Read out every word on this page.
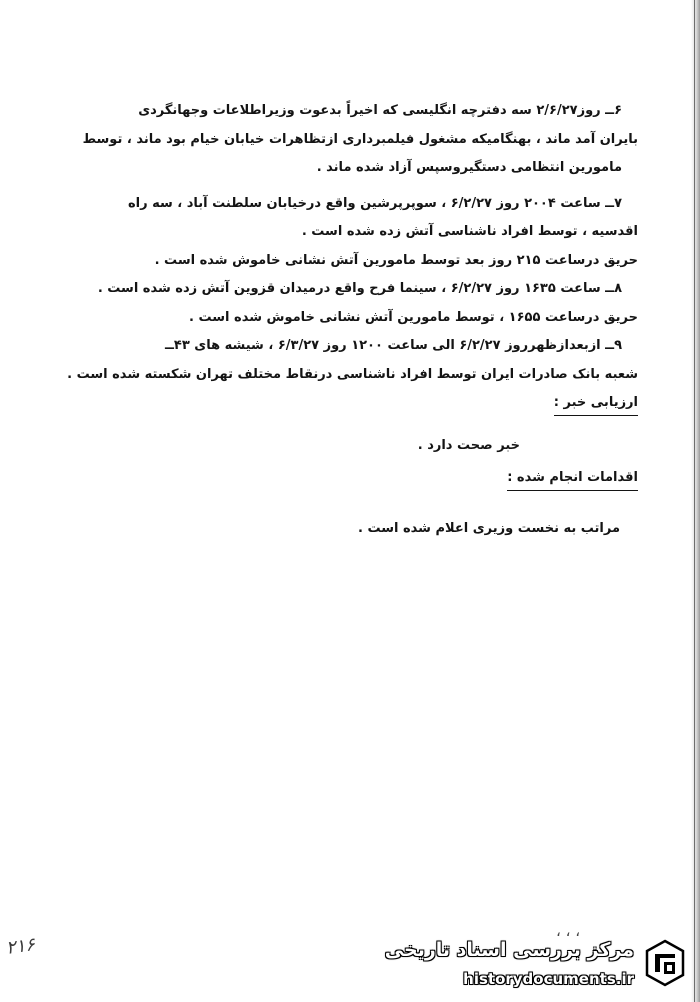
۶ــ روز۲/۶/۲۷ سه دفترچه انگلیسی که اخیراً بدعوت وزیراطلاعات وجهانگردی

بایران آمد ماند ، بهنگامیکه مشغول فیلمبرداری ازتظاهرات خیابان خیام بود ماند ، توسط

مامورین انتظامی دستگیروسپس آزاد شده ماند .

۷ــ ساعت ۲۰۰۴ روز ۶/۲/۲۷ ، سوپرپرشین واقع درخیابان سلطنت آباد ، سه راه

اقدسیه ، توسط افراد ناشناسی آتش زده شده است .

حریق درساعت ۲۱۵ روز بعد توسط مامورین آتش نشانی خاموش شده است .

۸ــ ساعت ۱۶۳۵ روز ۶/۲/۲۷ ، سینما فرح واقع درمیدان قزوین آتش زده شده است .

حریق درساعت ۱۶۵۵ ، توسط مامورین آتش نشانی خاموش شده است .

۹ــ ازبعدازظهرروز ۶/۲/۲۷ الی ساعت ۱۲۰۰ روز ۶/۳/۲۷ ، شیشه های ۴۳ــ

شعبه بانک صادرات ایران توسط افراد ناشناسی درنقاط مختلف تهران شکسته شده است .

ارزیابی خبر :

خبر صحت دارد .

اقدامات انجام شده :

مراتب به نخست وزیری اعلام شده است .

۲۱۶
، ، ،
مرکز بررسی اسناد تاریخی
historydocuments.ir
